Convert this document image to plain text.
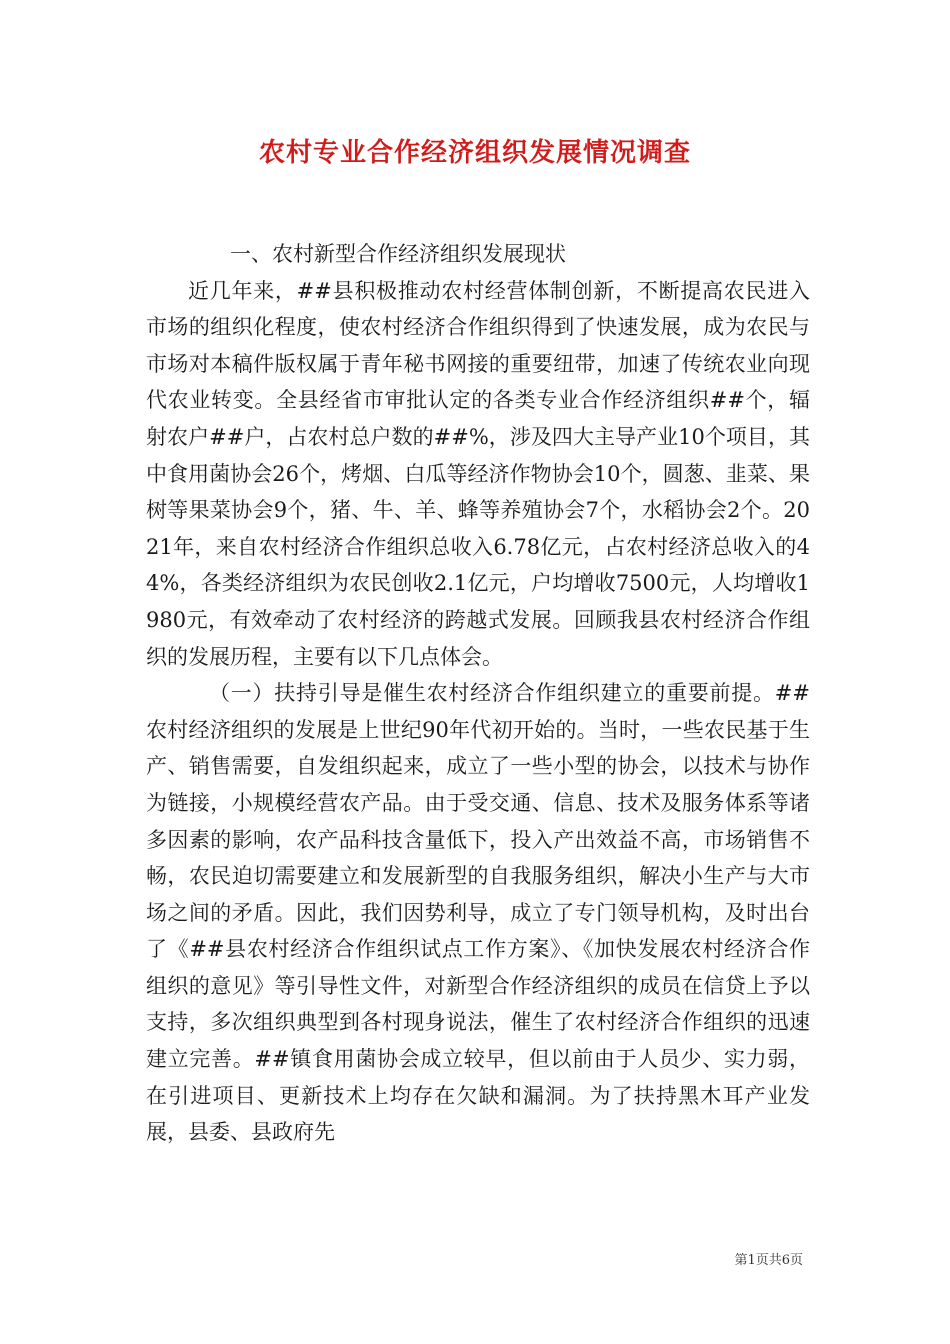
农村专业合作经济组织发展情况调查

一、农村新型合作经济组织发展现状

近几年来，##县积极推动农村经营体制创新，不断提高农民进入市场的组织化程度，使农村经济合作组织得到了快速发展，成为农民与市场对本稿件版权属于青年秘书网接的重要纽带，加速了传统农业向现代农业转变。全县经省市审批认定的各类专业合作经济组织##个，辐射农户##户，占农村总户数的##%，涉及四大主导产业10个项目，其中食用菌协会26个，烤烟、白瓜等经济作物协会10个，圆葱、韭菜、果树等果菜协会9个，猪、牛、羊、蜂等养殖协会7个，水稻协会2个。2021年，来自农村经济合作组织总收入6.78亿元，占农村经济总收入的44%，各类经济组织为农民创收2.1亿元，户均增收7500元，人均增收1980元，有效牵动了农村经济的跨越式发展。回顾我县农村经济合作组织的发展历程，主要有以下几点体会。

（一）扶持引导是催生农村经济合作组织建立的重要前提。##农村经济组织的发展是上世纪90年代初开始的。当时，一些农民基于生产、销售需要，自发组织起来，成立了一些小型的协会，以技术与协作为链接，小规模经营农产品。由于受交通、信息、技术及服务体系等诸多因素的影响，农产品科技含量低下，投入产出效益不高，市场销售不畅，农民迫切需要建立和发展新型的自我服务组织，解决小生产与大市场之间的矛盾。因此，我们因势利导，成立了专门领导机构，及时出台了《##县农村经济合作组织试点工作方案》、《加快发展农村经济合作组织的意见》等引导性文件，对新型合作经济组织的成员在信贷上予以支持，多次组织典型到各村现身说法，催生了农村经济合作组织的迅速建立完善。##镇食用菌协会成立较早，但以前由于人员少、实力弱，在引进项目、更新技术上均存在欠缺和漏洞。为了扶持黑木耳产业发展，县委、县政府先

第1页共6页
